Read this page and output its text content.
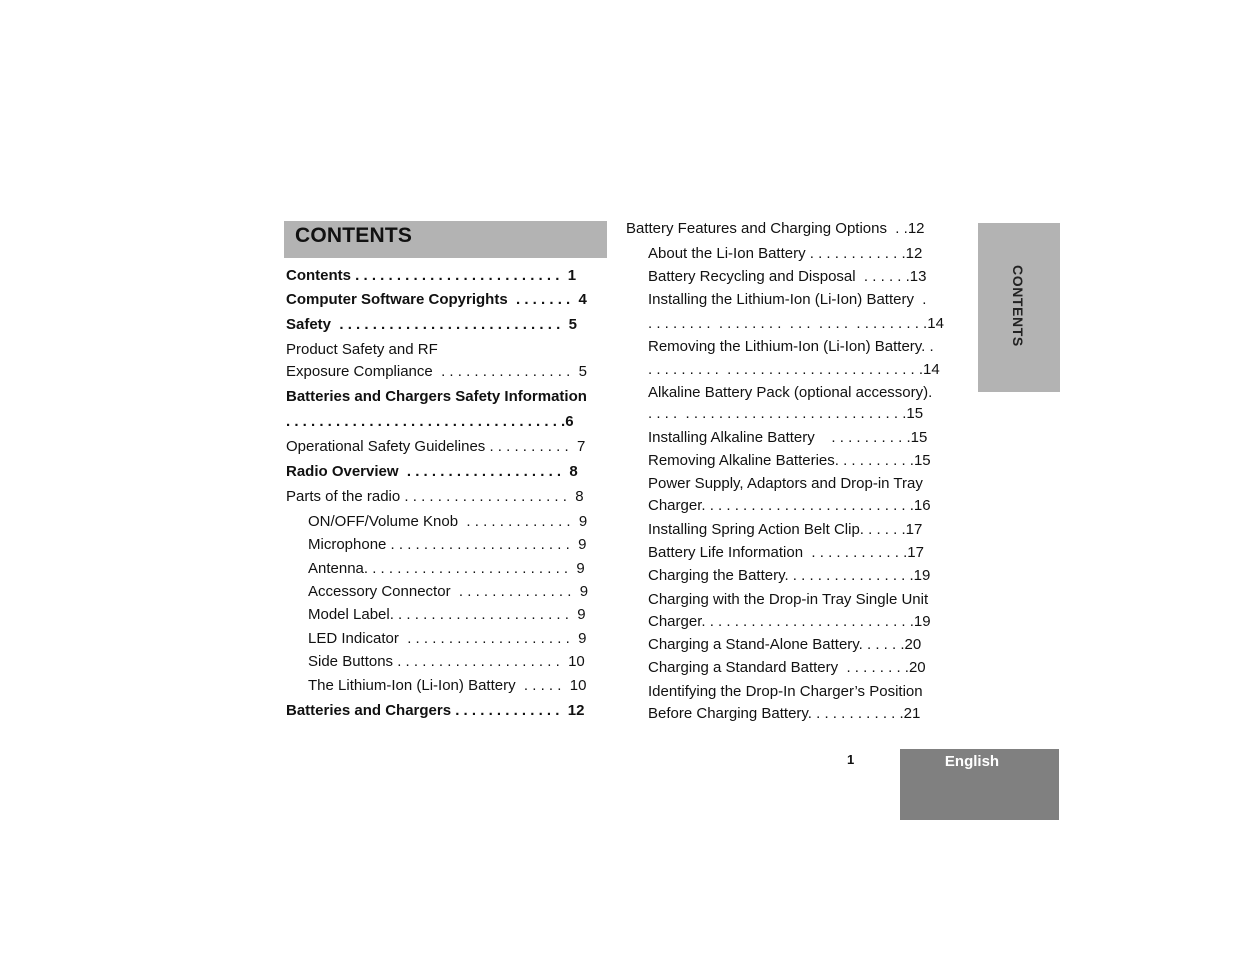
CONTENTS
Contents . . . . . . . . . . . . . . . . . . . . . . . . .  1
Computer Software Copyrights  . . . . . . .  4
Safety  . . . . . . . . . . . . . . . . . . . . . . . . . . .  5
Product Safety and RF
Exposure Compliance  . . . . . . . . . . . . . . . .  5
Batteries and Chargers Safety Information
. . . . . . . . . . . . . . . . . . . . . . . . . . . . . . . . . .6
Operational Safety Guidelines . . . . . . . . . .  7
Radio Overview  . . . . . . . . . . . . . . . . . . .  8
Parts of the radio . . . . . . . . . . . . . . . . . . . .  8
ON/OFF/Volume Knob  . . . . . . . . . . . . .  9
Microphone . . . . . . . . . . . . . . . . . . . . . .  9
Antenna. . . . . . . . . . . . . . . . . . . . . . . . .  9
Accessory Connector  . . . . . . . . . . . . . .  9
Model Label. . . . . . . . . . . . . . . . . . . . . .  9
LED Indicator  . . . . . . . . . . . . . . . . . . . .  9
Side Buttons . . . . . . . . . . . . . . . . . . . .  10
The Lithium-Ion (Li-Ion) Battery  . . . . .  10
Batteries and Chargers . . . . . . . . . . . . .  12
Battery Features and Charging Options  . .12
About the Li-Ion Battery . . . . . . . . . . . .12
Battery Recycling and Disposal  . . . . . .13
Installing the Lithium-Ion (Li-Ion) Battery  .
. . . . . . . .  . . . . . . . .  . . .  . . . .  . . . . . . . . .14
Removing the Lithium-Ion (Li-Ion) Battery. .
. . . . . . . . .  . . . . . . . . . . . . . . . . . . . . . . . .14
Alkaline Battery Pack (optional accessory).
. . . .  . . . . . . . . . . . . . . . . . . . . . . . . . . .15
Installing Alkaline Battery    . . . . . . . . . .15
Removing Alkaline Batteries. . . . . . . . . .15
Power Supply, Adaptors and Drop-in Tray
Charger. . . . . . . . . . . . . . . . . . . . . . . . . .16
Installing Spring Action Belt Clip. . . . . .17
Battery Life Information  . . . . . . . . . . . .17
Charging the Battery. . . . . . . . . . . . . . . .19
Charging with the Drop-in Tray Single Unit
Charger. . . . . . . . . . . . . . . . . . . . . . . . . .19
Charging a Stand-Alone Battery. . . . . .20
Charging a Standard Battery  . . . . . . . .20
Identifying the Drop-In Charger’s Position
Before Charging Battery. . . . . . . . . . . .21
CONTENTS
1	English
